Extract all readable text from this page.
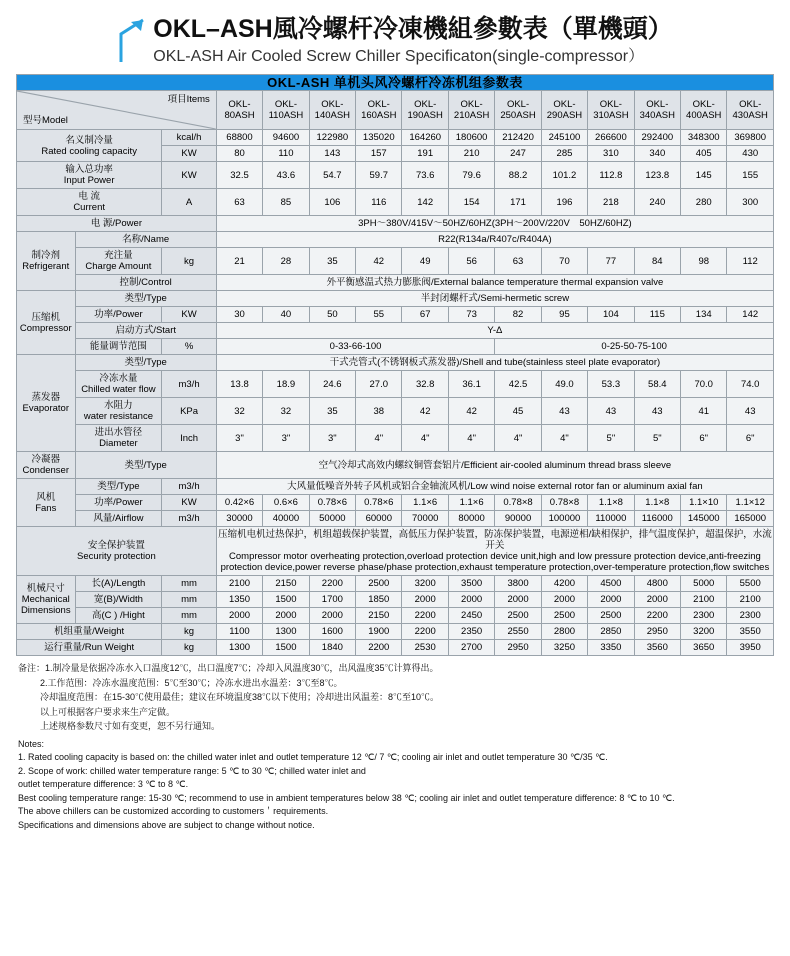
OKL–ASH風冷螺杆冷凍機組參數表（單機頭）
OKL-ASH Air Cooled Screw Chiller Specificaton(single-compressor）
OKL-ASH 单机头风冷螺杆冷冻机组参数表														

型号Model
項目Items			OKL-80ASH	OKL-110ASH	OKL-140ASH	OKL-160ASH	OKL-190ASH	OKL-210ASH	OKL-250ASH	OKL-290ASH	OKL-310ASH	OKL-340ASH	OKL-400ASH	OKL-430ASH

名义制冷量
Rated cooling capacity		kcal/h	68800	94600	122980	135020	164260	180600	212420	245100	266600	292400	348300	369800
		KW	80	110	143	157	191	210	247	285	310	340	405	430

输入总功率
Input Power		KW	32.5	43.6	54.7	59.7	73.6	79.6	88.2	101.2	112.8	123.8	145	155

电 流
Current		A	63	85	106	116	142	154	171	196	218	240	280	300
电 源/Power			3PH～380V/415V～50HZ/60HZ(3PH～200V/220V　50HZ/60HZ)											

制冷剂
Refrigerant	名称/Name		R22(R134a/R407c/R404A)											

	充注量
Charge Amount	kg	21	28	35	42	49	56	63	70	77	84	98	112

	控制/Control		外平衡感温式热力膨胀阀/External balance temperature thermal expansion valve											

压缩机
Compressor	类型/Type		半封闭螺杆式/Semi-hermetic screw											
	功率/Power	KW	30	40	50	55	67	73	82	95	104	115	134	142
	启动方式/Start		Y-Δ											
	能量调节范围	%	0-33-66-100						0-25-50-75-100					

蒸发器
Evaporator	类型/Type		干式壳管式(不锈钢板式蒸发器)/Shell and tube(stainless steel plate evaporator)											

	冷冻水量
Chilled water flow	m3/h	13.8	18.9	24.6	27.0	32.8	36.1	42.5	49.0	53.3	58.4	70.0	74.0

	水阻力
water resistance	KPa	32	32	35	38	42	42	45	43	43	43	41	43

	进出水管径
Diameter	Inch	3"	3"	3"	4"	4"	4"	4"	4"	5"	5"	6"	6"

冷凝器
Condenser	类型/Type		空气冷却式高效内螺纹铜管套铝片/Efficient air-cooled aluminum thread brass sleeve											

风机
Fans	类型/Type	m3/h	大风量低噪音外转子风机或铝合金轴流风机/Low wind noise external rotor fan or aluminum axial fan											
	功率/Power	KW	0.42×6	0.6×6	0.78×6	0.78×6	1.1×6	1.1×6	0.78×8	0.78×8	1.1×8	1.1×8	1.1×10	1.1×12
	风量/Airflow	m3/h	30000	40000	50000	60000	70000	80000	90000	100000	110000	116000	145000	165000

安全保护装置
Security protection

压缩机电机过热保护，机组超载保护装置，高低压力保护装置，防冻保护装置，电源逆相/缺相保护，排气温度保护，超温保护，水流开关
Compressor motor overheating protection,overload protection device unit,high and low pressure protection device,anti-freezing protection device,power reverse phase/phase protection,exhaust temperature protection,over-temperature protection,flow switches

机械尺寸
Mechanical
Dimensions	长(A)/Length	mm	2100	2150	2200	2500	3200	3500	3800	4200	4500	4800	5000	5500
	宽(B)/Width	mm	1350	1500	1700	1850	2000	2000	2000	2000	2000	2000	2100	2100
	高(C ) /Hight	mm	2000	2000	2000	2150	2200	2450	2500	2500	2500	2200	2300	2300
机组重量/Weight		kg	1100	1300	1600	1900	2200	2350	2550	2800	2850	2950	3200	3550
运行重量/Run Weight		kg	1300	1500	1840	2200	2530	2700	2950	3250	3350	3560	3650	3950

备注：1.制冷量是依据冷冻水入口温度12℃，出口温度7℃；冷却入风温度30℃，出风温度35℃计算得出。

2.工作范围：冷冻水温度范围：5℃至30℃；冷冻水进出水温差：3℃至8℃。

冷却温度范围：在15-30℃使用最佳；建议在环境温度38℃以下使用；冷却进出风温差：8℃至10℃。

以上可根据客户要求来生产定做。

上述规格参数尺寸如有变更，恕不另行通知。

Notes:

1. Rated cooling capacity is based on: the chilled water inlet and outlet temperature 12 ℃/ 7 ℃; cooling air inlet and outlet temperature 30 ℃/35 ℃.

2. Scope of work: chilled water temperature range: 5 ℃ to 30 ℃; chilled water inlet and

outlet temperature difference: 3 ℃ to 8 ℃.

Best cooling temperature range: 15-30 ℃; recommend to use in ambient temperatures below 38 ℃; cooling air inlet and outlet temperature difference: 8 ℃ to 10 ℃.

The above chillers can be customized according to customers＇requirements.

Specifications and dimensions above are subject to change without notice.
